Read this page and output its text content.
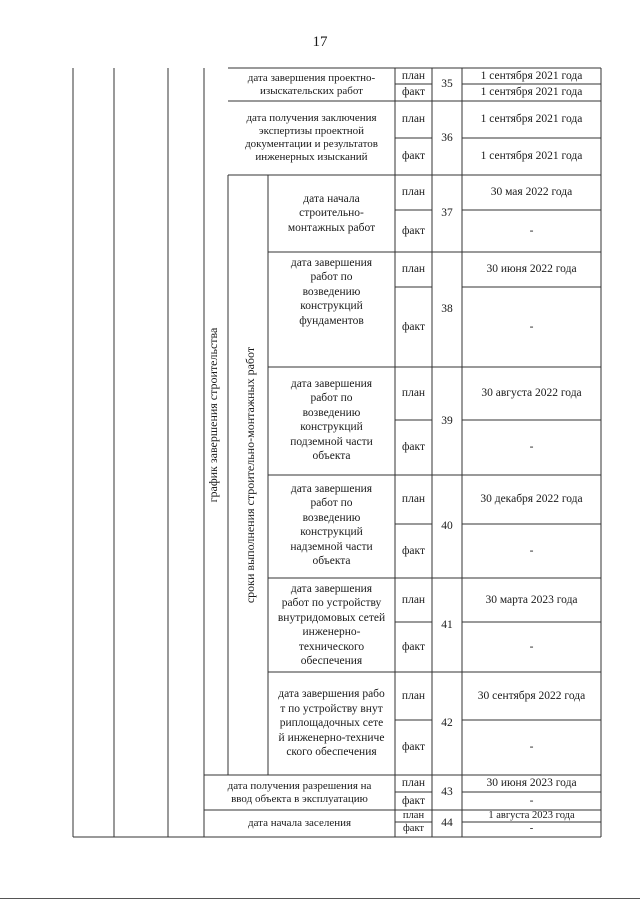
17
график завершения строительства	сроки выполнения строительно-монтажных работ
дата завершения проектно-изыскательских работ
план
факт
35
1 сентября 2021 года
1 сентября 2021 года
дата получения заключения экспертизы проектной документации и результатов инженерных изысканий
план
факт
36
1 сентября 2021 года
1 сентября 2021 года
дата начала строительно-монтажных работ
план
факт
37
30 мая 2022 года
-
дата завершения работ по возведению конструкций фундаментов
план
факт
38
30 июня 2022 года
-
дата завершения работ по возведению конструкций подземной части объекта
план
факт
39
30 августа 2022 года
-
дата завершения работ по возведению конструкций надземной части объекта
план
факт
40
30 декабря 2022 года
-
дата завершения работ по устройству внутридомовых сетей инженерно-технического обеспечения
план
факт
41
30 марта 2023 года
-
дата завершения работ по устройству внутриплощадочных сетей инженерно-технического обеспечения
план
факт
42
30 сентября 2022 года
-
дата получения разрешения на ввод объекта в эксплуатацию
план
факт
43
30 июня 2023 года
-
дата начала заселения
план
факт	44
1 августа 2023 года
-
